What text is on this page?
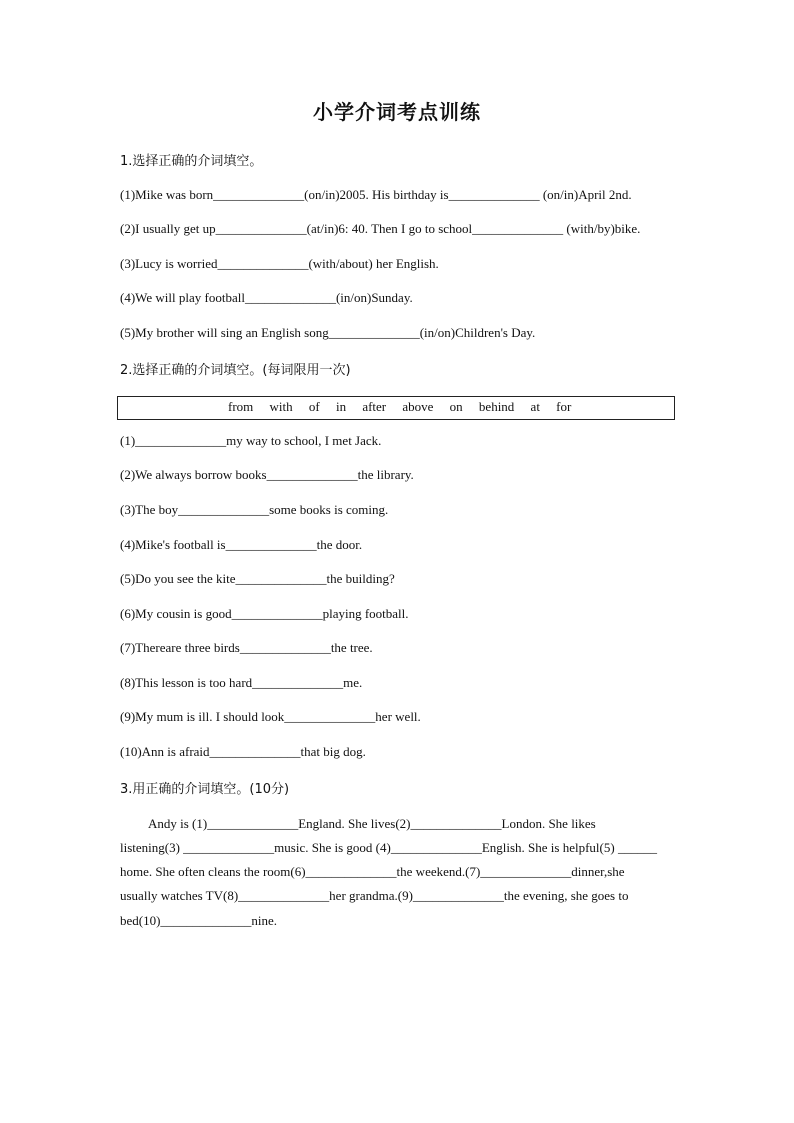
小学介词考点训练
1.选择正确的介词填空。
(1)Mike was born______________(on/in)2005. His birthday is______________ (on/in)April 2nd.
(2)I usually get up______________(at/in)6: 40. Then I go to school______________ (with/by)bike.
(3)Lucy is worried______________(with/about) her English.
(4)We will play football______________(in/on)Sunday.
(5)My brother will sing an English song______________(in/on)Children's Day.
2.选择正确的介词填空。(每词限用一次)
from     with     of     in     after     above     on     behind     at     for
(1)______________my way to school, I met Jack.
(2)We always borrow books______________the library.
(3)The boy______________some books is coming.
(4)Mike's football is______________the door.
(5)Do you see the kite______________the building?
(6)My cousin is good______________playing football.
(7)Thereare three birds______________the tree.
(8)This lesson is too hard______________me.
(9)My mum is ill. I should look______________her well.
(10)Ann is afraid______________that big dog.
3.用正确的介词填空。(10分)
Andy is (1)______________England. She lives(2)______________London. She likes
listening(3) ______________music. She is good (4)______________English. She is helpful(5) ______
home. She often cleans the room(6)______________the weekend.(7)______________dinner,she
usually watches TV(8)______________her grandma.(9)______________the evening, she goes to
bed(10)______________nine.
